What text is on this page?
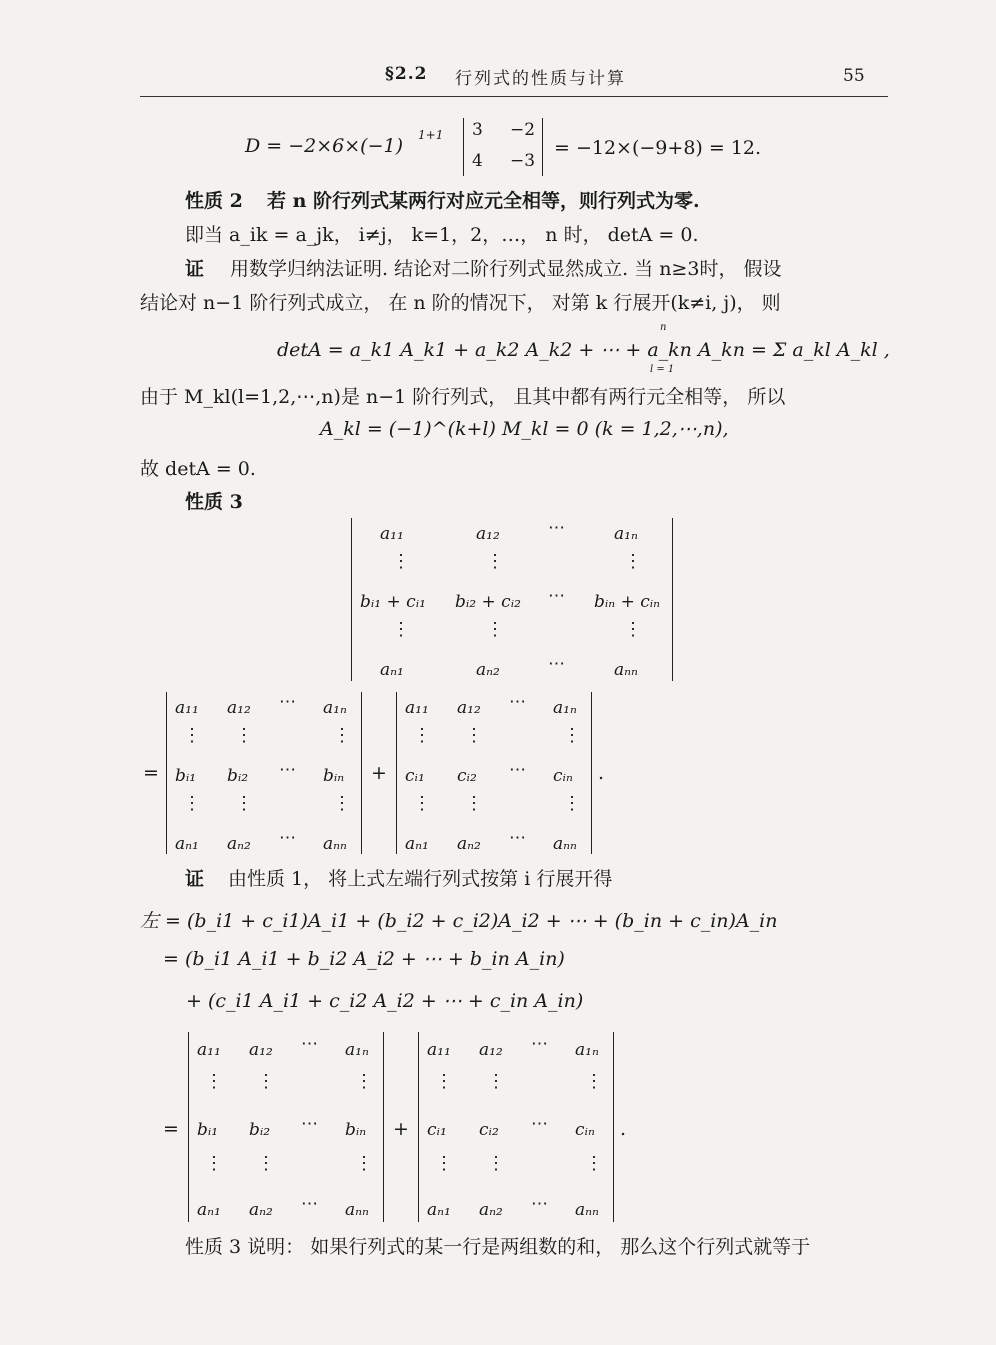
§2.2 行列式的性质与计算	55
D = −2×6×(−1) 1+1 3 −2
4 −3
= −12×(−9+8) = 12.
性质 2 若 n 阶行列式某两行对应元全相等，则行列式为零.
即当 a_ik = a_jk， i≠j， k=1，2，…， n 时， detA = 0.
证 用数学归纳法证明. 结论对二阶行列式显然成立. 当 n≥3时， 假设
结论对 n−1 阶行列式成立， 在 n 阶的情况下， 对第 k 行展开(k≠i, j)， 则
detA = a_k1 A_k1 + a_k2 A_k2 + ⋯ + a_kn A_kn = Σ a_kl A_kl ,
n
l = 1
由于 M_kl(l=1,2,⋯,n)是 n−1 阶行列式， 且其中都有两行元全相等， 所以
A_kl = (−1)^(k+l) M_kl = 0 (k = 1,2,⋯,n),
故 detA = 0.
性质 3
a₁₁	a₁₂	⋯	a₁ₙ
⋮	⋮	⋮
bᵢ₁ + cᵢ₁ bᵢ₂ + cᵢ₂ ⋯ bᵢₙ + cᵢₙ
⋮	⋮	⋮
aₙ₁	aₙ₂	⋯	aₙₙ
=
a₁₁ a₁₂ ⋯ a₁ₙ
⋮ ⋮	⋮
bᵢ₁ bᵢ₂ ⋯ bᵢₙ
⋮ ⋮	⋮
aₙ₁ aₙ₂ ⋯ aₙₙ
+
a₁₁ a₁₂ ⋯ a₁ₙ
⋮ ⋮	⋮
cᵢ₁ cᵢ₂ ⋯ cᵢₙ
⋮ ⋮	⋮
aₙ₁ aₙ₂ ⋯ aₙₙ
.
证 由性质 1， 将上式左端行列式按第 i 行展开得
左 = (b_i1 + c_i1)A_i1 + (b_i2 + c_i2)A_i2 + ⋯ + (b_in + c_in)A_in
= (b_i1 A_i1 + b_i2 A_i2 + ⋯ + b_in A_in)
+ (c_i1 A_i1 + c_i2 A_i2 + ⋯ + c_in A_in)
=
a₁₁ a₁₂ ⋯ a₁ₙ
⋮ ⋮	⋮
bᵢ₁ bᵢ₂ ⋯ bᵢₙ
⋮ ⋮	⋮
aₙ₁ aₙ₂ ⋯ aₙₙ
+
a₁₁ a₁₂ ⋯ a₁ₙ
⋮ ⋮	⋮
cᵢ₁ cᵢ₂ ⋯ cᵢₙ
⋮ ⋮	⋮
aₙ₁ aₙ₂ ⋯ aₙₙ
.
性质 3 说明： 如果行列式的某一行是两组数的和， 那么这个行列式就等于
